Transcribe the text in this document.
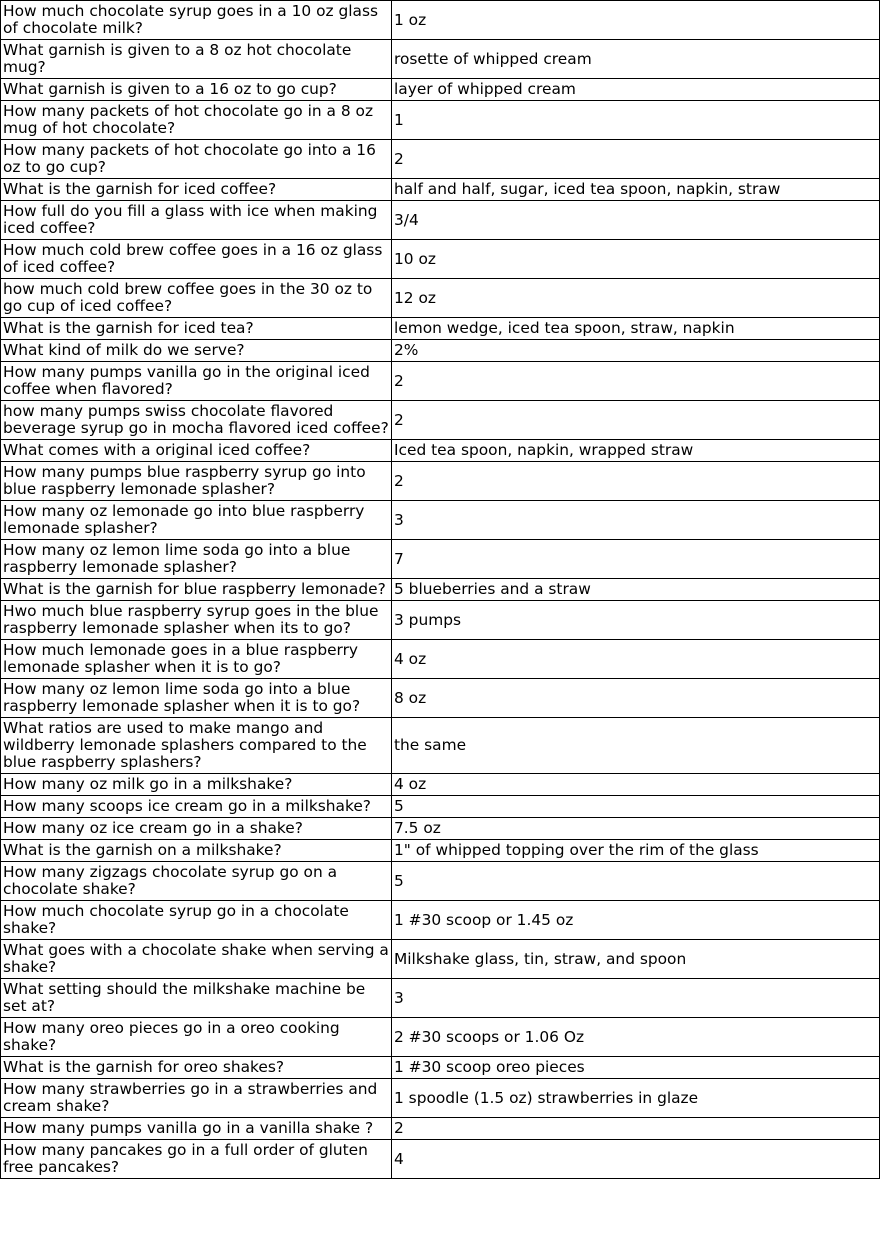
How much chocolate syrup goes in a 10 oz glass of chocolate milk?	1 oz
What garnish is given to a 8 oz hot chocolate mug?	rosette of whipped cream
What garnish is given to a 16 oz to go cup?	layer of whipped cream
How many packets of hot chocolate go in a 8 oz mug of hot chocolate?	1
How many packets of hot chocolate go into a 16 oz to go cup?	2
What is the garnish for iced coffee?	half and half, sugar, iced tea spoon, napkin, straw
How full do you fill a glass with ice when making iced coffee?	3/4
How much cold brew coffee goes in a 16 oz glass of iced coffee?	10 oz
how much cold brew coffee goes in the 30 oz to go cup of iced coffee?	12 oz
What is the garnish for iced tea?	lemon wedge, iced tea spoon, straw, napkin
What kind of milk do we serve?	2%
How many pumps vanilla go in the original iced coffee when flavored?	2
how many pumps swiss chocolate flavored beverage syrup go in mocha flavored iced coffee?	2
What comes with a original iced coffee?	Iced tea spoon, napkin, wrapped straw
How many pumps blue raspberry syrup go into blue raspberry lemonade splasher?	2
How many oz lemonade go into blue raspberry lemonade splasher?	3
How many oz lemon lime soda go into a blue raspberry lemonade splasher?	7
What is the garnish for blue raspberry lemonade?	5 blueberries and a straw
Hwo much blue raspberry syrup goes in the blue raspberry lemonade splasher when its to go?	3 pumps
How much lemonade goes in a blue raspberry lemonade splasher when it is to go?	4 oz
How many oz lemon lime soda go into a blue raspberry lemonade splasher when it is to go?	8 oz
What ratios are used to make mango and wildberry lemonade splashers compared to the blue raspberry splashers?	the same
How many oz milk go in a milkshake?	4 oz
How many scoops ice cream go in a milkshake?	5
How many oz ice cream go in a shake?	7.5 oz
What is the garnish on a milkshake?	1" of whipped topping over the rim of the glass
How many zigzags chocolate syrup go on a chocolate shake?	5
How much chocolate syrup go in a chocolate shake?	1 #30 scoop or 1.45 oz
What goes with a chocolate shake when serving a shake?	Milkshake glass, tin, straw, and spoon
What setting should the milkshake machine be set at?	3
How many oreo pieces go in a oreo cooking shake?	2 #30 scoops or 1.06 Oz
What is the garnish for oreo shakes?	1 #30 scoop oreo pieces
How many strawberries go in a strawberries and cream shake?	1 spoodle (1.5 oz) strawberries in glaze
How many pumps vanilla go in a vanilla shake ?	2
How many pancakes go in a full order of gluten free pancakes?	4
